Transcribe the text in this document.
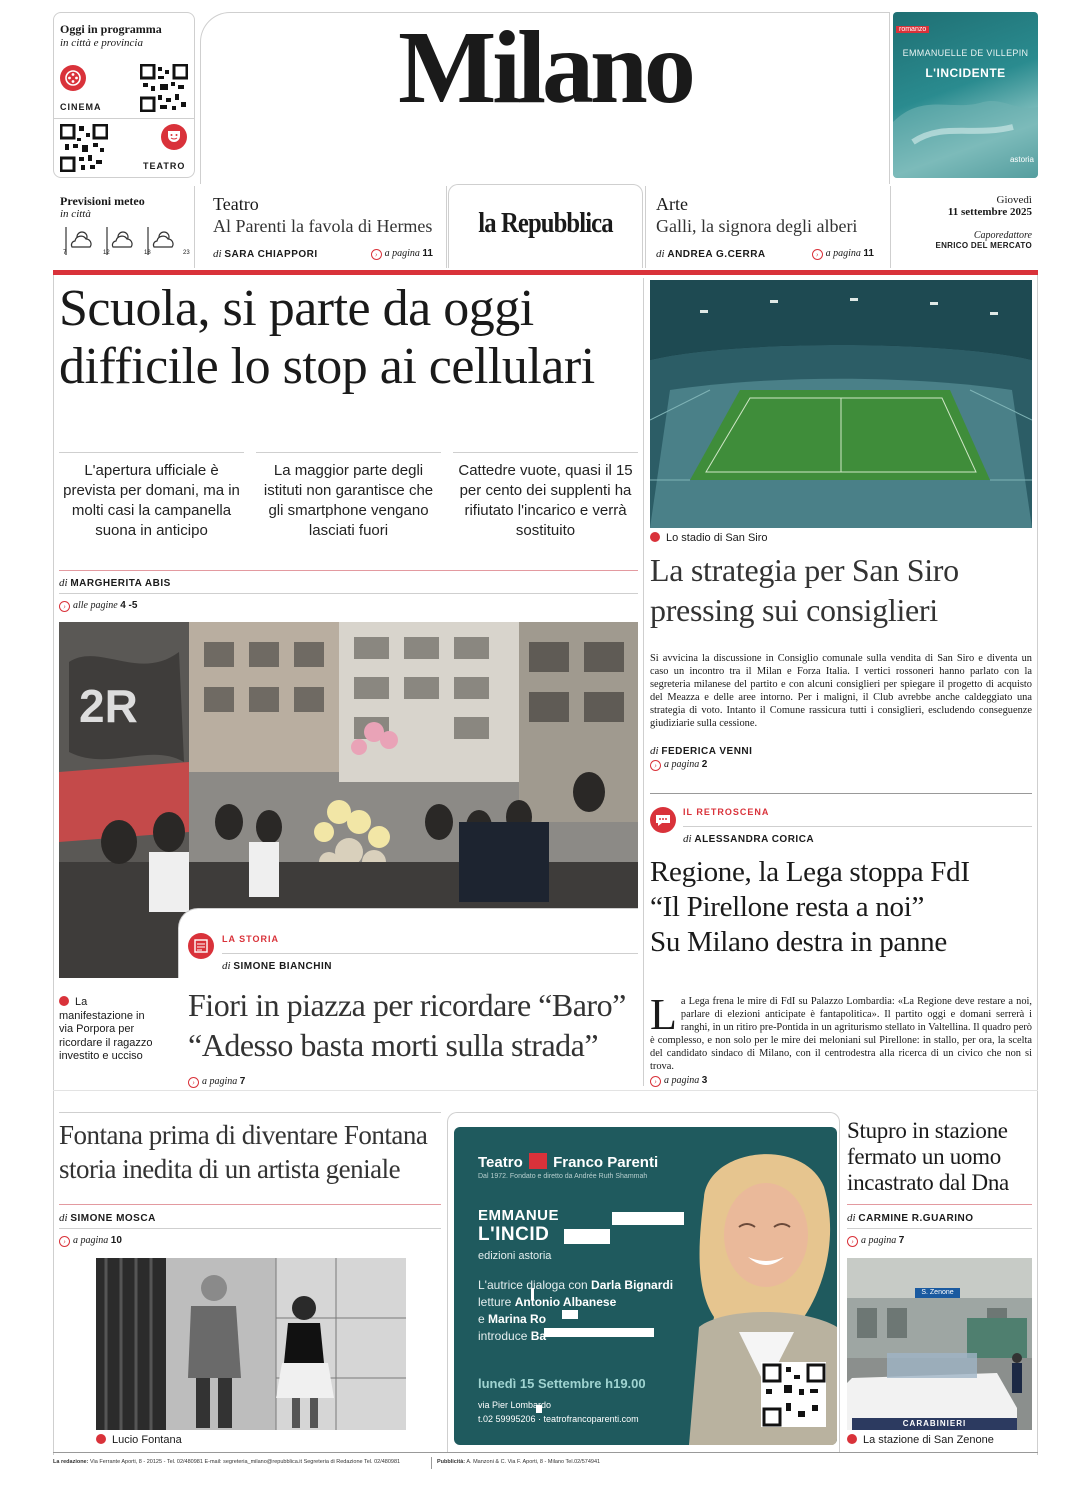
Oggi in programma
in città e provincia
CINEMA
TEATRO
Milano	romanzo
EMMANUELLE DE VILLEPIN
L'INCIDENTE
astoria
Previsioni meteo
in città
7	12	18	23
Teatro
Al Parenti la favola di Hermes
di SARA CHIAPPORI	› a pagina 11
la Repubblica
Arte
Galli, la signora degli alberi
di ANDREA G.CERRA	› a pagina 11
Giovedì
11 settembre 2025
Caporedattore
ENRICO DEL MERCATO
Scuola, si parte da oggi
difficile lo stop ai cellulari
L'apertura ufficiale è prevista per domani, ma in molti casi la campanella suona in anticipo
La maggior parte degli istituti non garantisce che gli smartphone vengano lasciati fuori
Cattedre vuote, quasi il 15 per cento dei supplenti ha rifiutato l'incarico e verrà sostituito
di MARGHERITA ABIS
› alle pagine 4 -5
2R
LA STORIA
di SIMONE BIANCHIN
La manifestazione in via Porpora per ricordare il ragazzo investito e ucciso
Fiori in piazza per ricordare “Baro”
“Adesso basta morti sulla strada”
› a pagina 7
Lo stadio di San Siro
La strategia per San Siro
pressing sui consiglieri
Si avvicina la discussione in Consiglio comunale sulla vendita di San Siro e diventa un caso un incontro tra il Milan e Forza Italia. I vertici rossoneri hanno parlato con la segreteria milanese del partito e con alcuni consiglieri per spiegare il progetto di acquisto del Meazza e delle aree intorno. Per i maligni, il Club avrebbe anche caldeggiato una strategia di voto. Intanto il Comune rassicura tutti i consiglieri, escludendo conseguenze giudiziarie sulla cessione.
di FEDERICA VENNI
› a pagina 2
IL RETROSCENA
di ALESSANDRA CORICA
Regione, la Lega stoppa FdI
“Il Pirellone resta a noi”
Su Milano destra in panne
La Lega frena le mire di FdI su Palazzo Lombardia: «La Regione deve restare a noi, parlare di elezioni anticipate è fantapolitica». Il partito oggi e domani serrerà i ranghi, in un ritiro pre-Pontida in un agriturismo stellato in Valtellina. Il quadro però è complesso, e non solo per le mire dei meloniani sul Pirellone: in stallo, per ora, la scelta del candidato sindaco di Milano, con il centrodestra alla ricerca di un civico che non si trova.
› a pagina 3
Fontana prima di diventare Fontana
storia inedita di un artista geniale
di SIMONE MOSCA
› a pagina 10
Lucio Fontana
Teatro Franco Parenti
Dal 1972. Fondato e diretto da Andrée Ruth Shammah
EMMANUE
L'INCID
edizioni astoria
L'autrice dialoga con Darla Bignardi
letture Antonio Albanese
e Marina Ro
introduce Ba
lunedì 15 Settembre h19.00
via Pier Lombardo
t.02 59995206 · teatrofrancoparenti.com
Stupro in stazione
fermato un uomo
incastrato dal Dna
di CARMINE R.GUARINO
› a pagina 7
S. Zenone
CARABINIERI
La stazione di San Zenone
La redazione: Via Ferrante Aporti, 8 - 20125 - Tel. 02/480981 E-mail: segreteria_milano@repubblica.it Segreteria di Redazione Tel. 02/480981	Pubblicità: A. Manzoni & C. Via F. Aporti, 8 - Milano Tel.02/574941
